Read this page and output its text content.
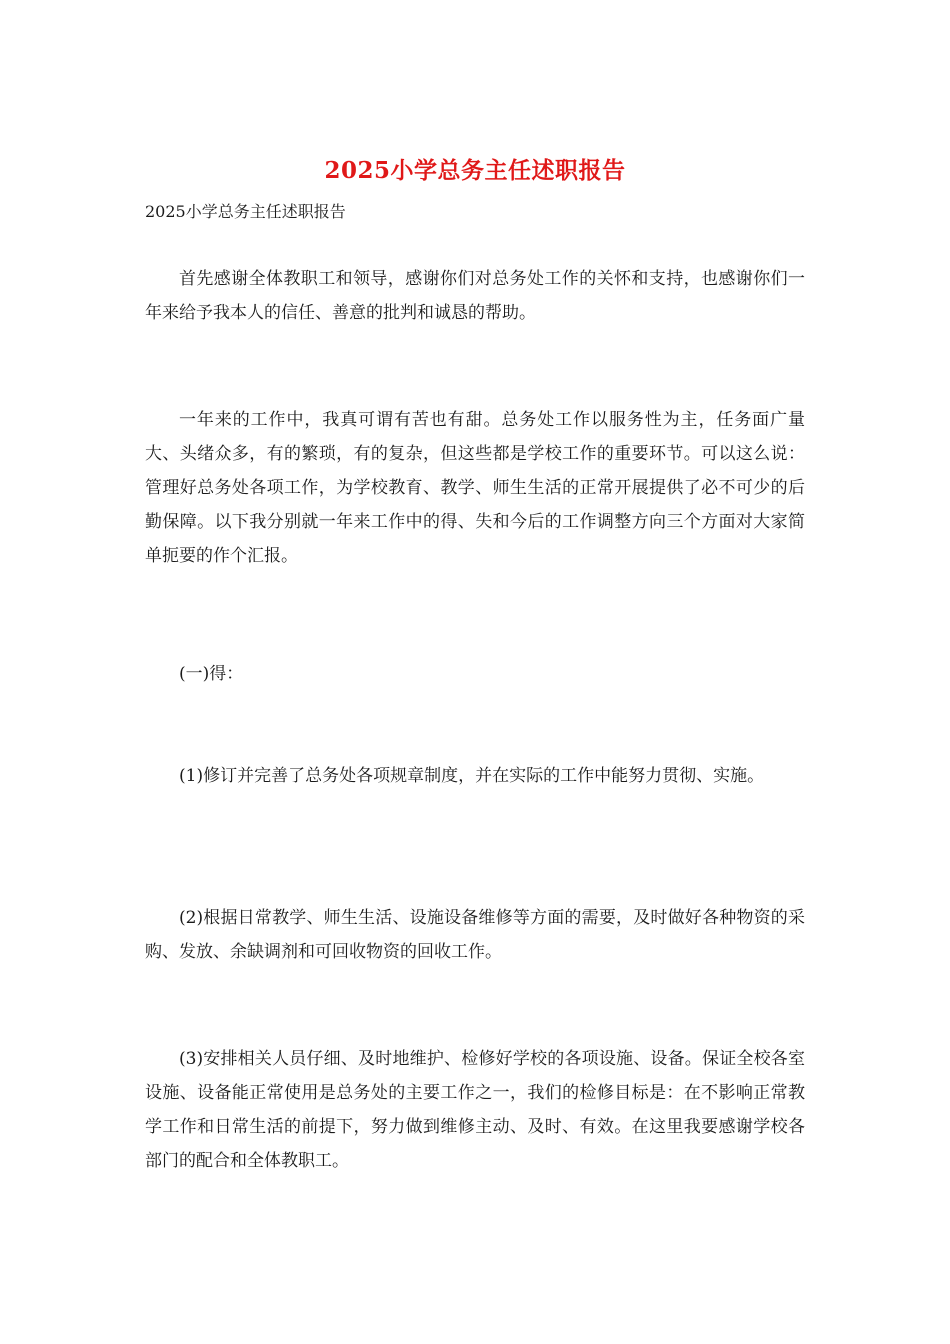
2025小学总务主任述职报告
2025小学总务主任述职报告

首先感谢全体教职工和领导，感谢你们对总务处工作的关怀和支持，也感谢你们一年来给予我本人的信任、善意的批判和诚恳的帮助。

一年来的工作中，我真可谓有苦也有甜。总务处工作以服务性为主，任务面广量大、头绪众多，有的繁琐，有的复杂，但这些都是学校工作的重要环节。可以这么说：管理好总务处各项工作，为学校教育、教学、师生生活的正常开展提供了必不可少的后勤保障。以下我分别就一年来工作中的得、失和今后的工作调整方向三个方面对大家简单扼要的作个汇报。

(一)得：

(1)修订并完善了总务处各项规章制度，并在实际的工作中能努力贯彻、实施。

(2)根据日常教学、师生生活、设施设备维修等方面的需要，及时做好各种物资的采购、发放、余缺调剂和可回收物资的回收工作。

(3)安排相关人员仔细、及时地维护、检修好学校的各项设施、设备。保证全校各室设施、设备能正常使用是总务处的主要工作之一，我们的检修目标是：在不影响正常教学工作和日常生活的前提下，努力做到维修主动、及时、有效。在这里我要感谢学校各部门的配合和全体教职工。
